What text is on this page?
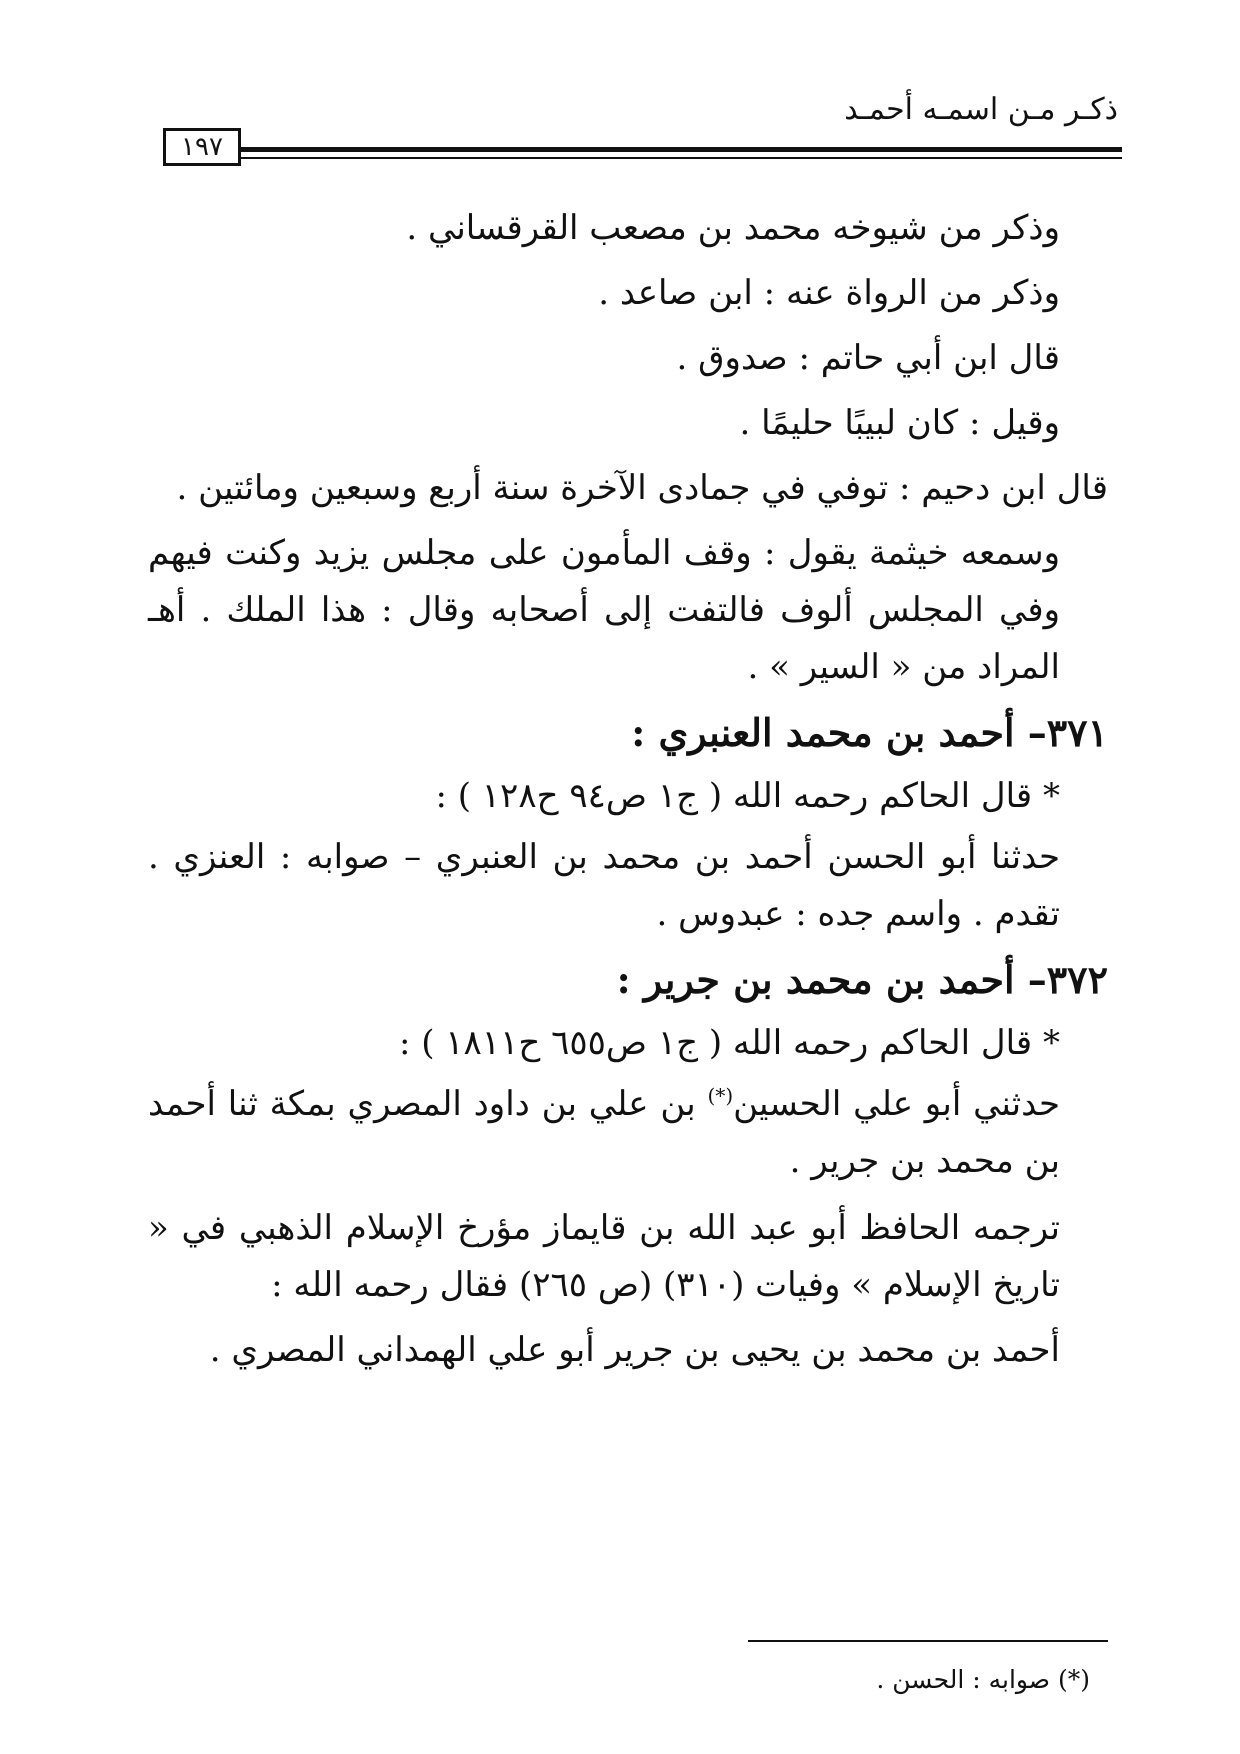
ذكـر مـن اسمـه أحمـد
١٩٧

وذكر من شيوخه محمد بن مصعب القرقساني .

وذكر من الرواة عنه : ابن صاعد .

قال ابن أبي حاتم : صدوق .

وقيل : كان لبيبًا حليمًا .

قال ابن دحيم : توفي في جمادى الآخرة سنة أربع وسبعين ومائتين .

وسمعه خيثمة يقول : وقف المأمون على مجلس يزيد وكنت فيهم وفي المجلس ألوف فالتفت إلى أصحابه وقال : هذا الملك . أهـ المراد من « السير » .

٣٧١– أحمد بن محمد العنبري :

* قال الحاكم رحمه الله ( ج١ ص٩٤ ح١٢٨ ) :

حدثنا أبو الحسن أحمد بن محمد بن العنبري – صوابه : العنزي . تقدم . واسم جده : عبدوس .

٣٧٢– أحمد بن محمد بن جرير :

* قال الحاكم رحمه الله ( ج١ ص٦٥٥ ح١٨١١ ) :

حدثني أبو علي الحسين(*) بن علي بن داود المصري بمكة ثنا أحمد بن محمد بن جرير .

ترجمه الحافظ أبو عبد الله بن قايماز مؤرخ الإسلام الذهبي في « تاريخ الإسلام » وفيات (٣١٠) (ص ٢٦٥) فقال رحمه الله :

أحمد بن محمد بن يحيى بن جرير أبو علي الهمداني المصري .

(*) صوابه : الحسن .
